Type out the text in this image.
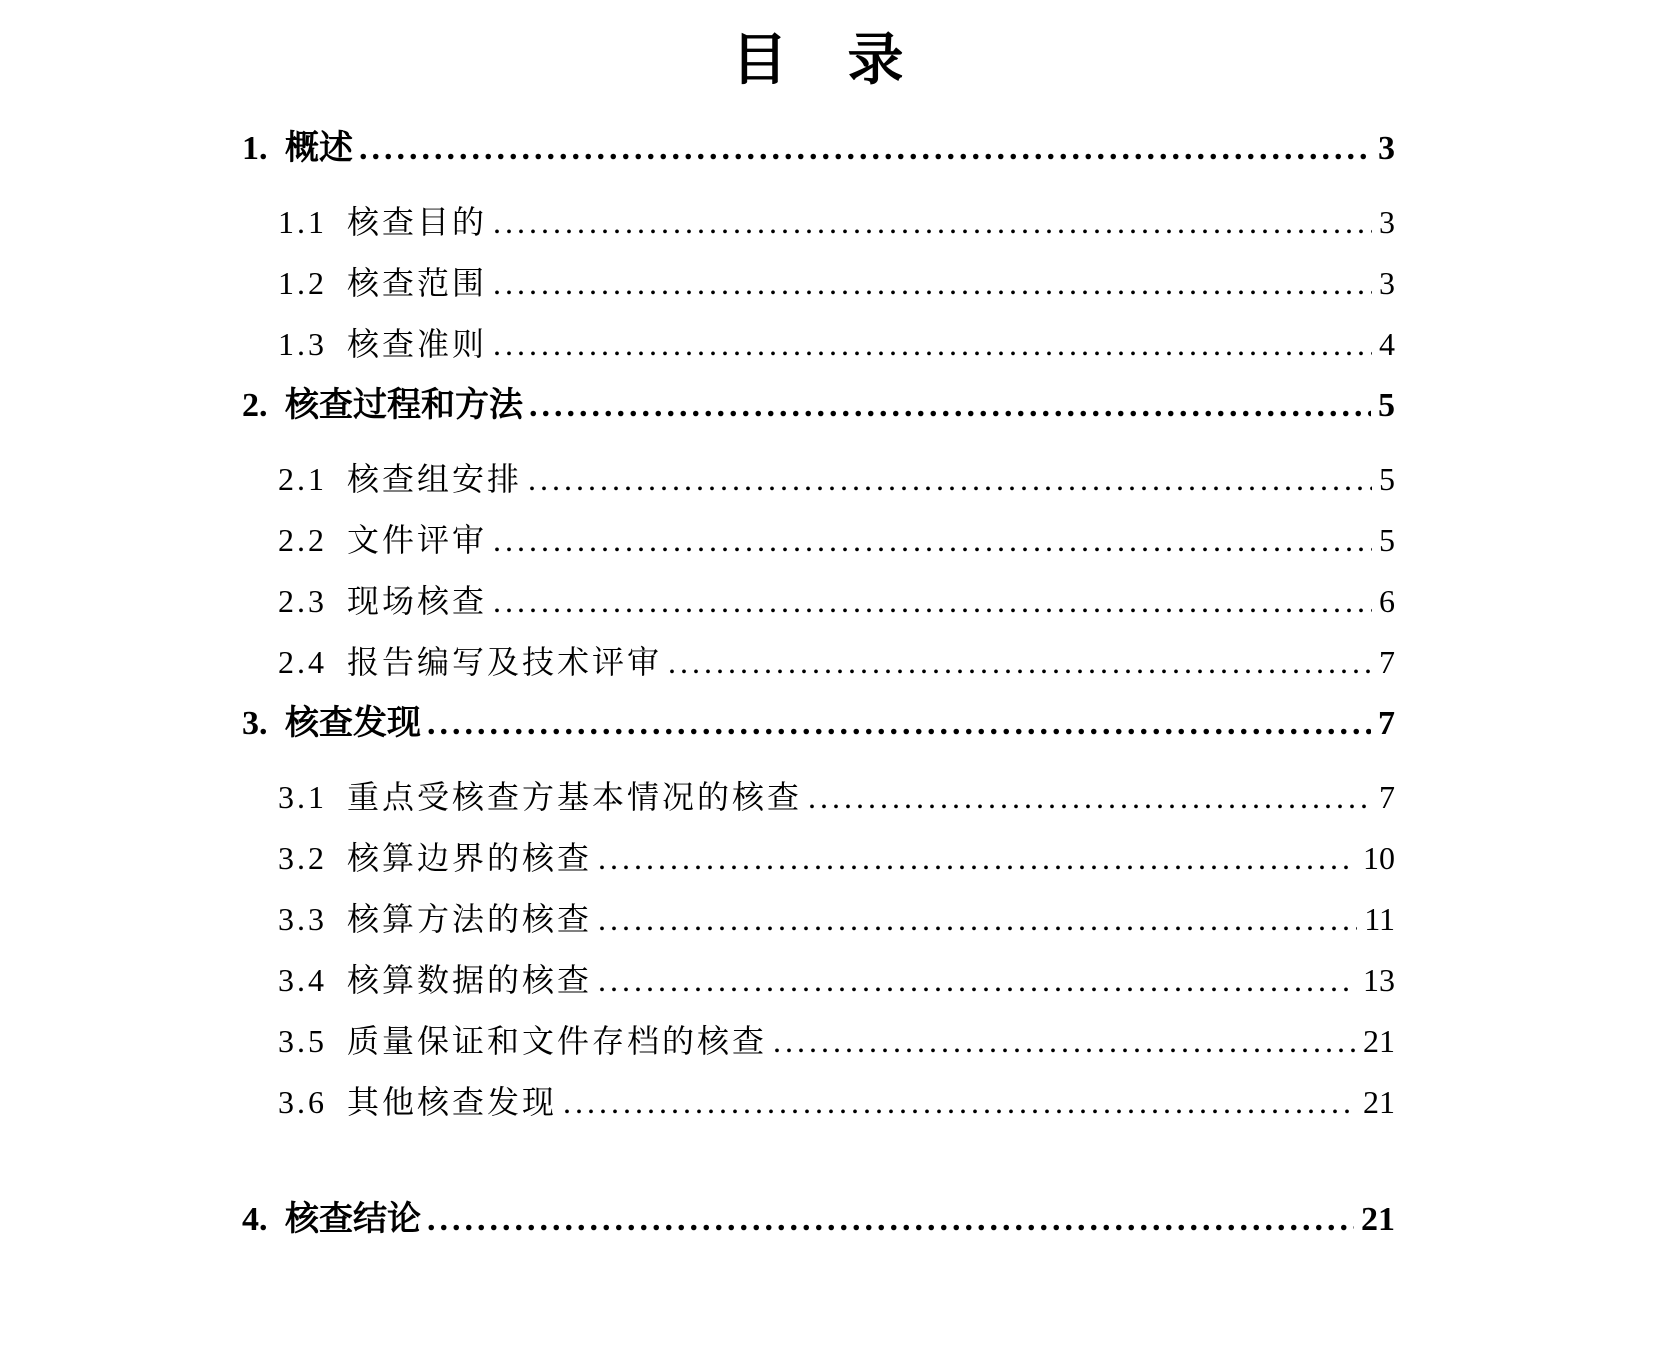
目　录
1. 概述 .....	3
1.1 核查目的 .....	3
1.2 核查范围 .....	3
1.3 核查准则 .....	4
2. 核查过程和方法 .....	5
2.1 核查组安排 .....	5
2.2 文件评审 .....	5
2.3 现场核查 .....	6
2.4 报告编写及技术评审 .....	7
3. 核查发现 .....	7
3.1 重点受核查方基本情况的核查 .....	7
3.2 核算边界的核查 .....	10
3.3 核算方法的核查 .....	11
3.4 核算数据的核查 .....	13
3.5 质量保证和文件存档的核查 .....	21
3.6 其他核查发现 .....	21
4. 核查结论 .....	21
